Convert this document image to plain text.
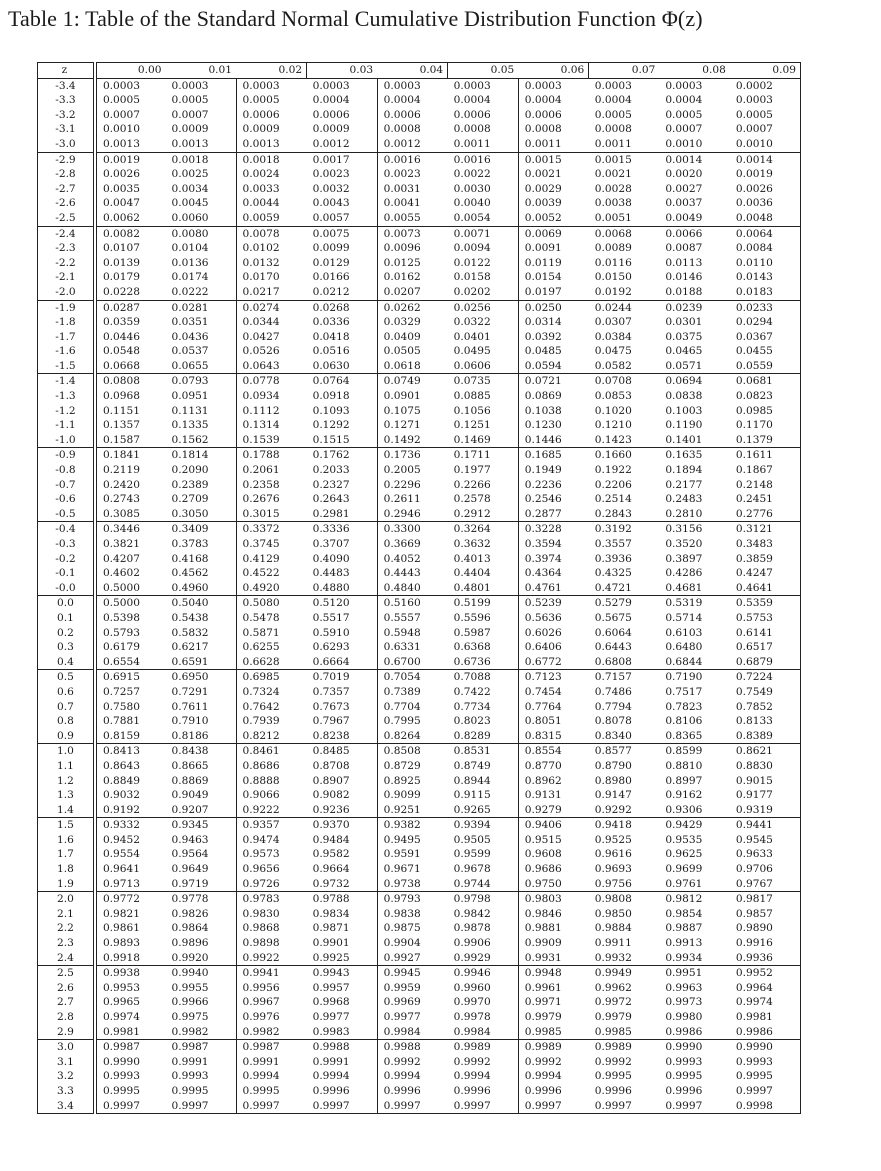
Table 1: Table of the Standard Normal Cumulative Distribution Function Φ(z)
z	0.00	0.01	0.02	0.03	0.04	0.05	0.06	0.07	0.08	0.09
-3.4	0.0003	0.0003	0.0003	0.0003	0.0003	0.0003	0.0003	0.0003	0.0003	0.0002
-3.3	0.0005	0.0005	0.0005	0.0004	0.0004	0.0004	0.0004	0.0004	0.0004	0.0003
-3.2	0.0007	0.0007	0.0006	0.0006	0.0006	0.0006	0.0006	0.0005	0.0005	0.0005
-3.1	0.0010	0.0009	0.0009	0.0009	0.0008	0.0008	0.0008	0.0008	0.0007	0.0007
-3.0	0.0013	0.0013	0.0013	0.0012	0.0012	0.0011	0.0011	0.0011	0.0010	0.0010
-2.9	0.0019	0.0018	0.0018	0.0017	0.0016	0.0016	0.0015	0.0015	0.0014	0.0014
-2.8	0.0026	0.0025	0.0024	0.0023	0.0023	0.0022	0.0021	0.0021	0.0020	0.0019
-2.7	0.0035	0.0034	0.0033	0.0032	0.0031	0.0030	0.0029	0.0028	0.0027	0.0026
-2.6	0.0047	0.0045	0.0044	0.0043	0.0041	0.0040	0.0039	0.0038	0.0037	0.0036
-2.5	0.0062	0.0060	0.0059	0.0057	0.0055	0.0054	0.0052	0.0051	0.0049	0.0048
-2.4	0.0082	0.0080	0.0078	0.0075	0.0073	0.0071	0.0069	0.0068	0.0066	0.0064
-2.3	0.0107	0.0104	0.0102	0.0099	0.0096	0.0094	0.0091	0.0089	0.0087	0.0084
-2.2	0.0139	0.0136	0.0132	0.0129	0.0125	0.0122	0.0119	0.0116	0.0113	0.0110
-2.1	0.0179	0.0174	0.0170	0.0166	0.0162	0.0158	0.0154	0.0150	0.0146	0.0143
-2.0	0.0228	0.0222	0.0217	0.0212	0.0207	0.0202	0.0197	0.0192	0.0188	0.0183
-1.9	0.0287	0.0281	0.0274	0.0268	0.0262	0.0256	0.0250	0.0244	0.0239	0.0233
-1.8	0.0359	0.0351	0.0344	0.0336	0.0329	0.0322	0.0314	0.0307	0.0301	0.0294
-1.7	0.0446	0.0436	0.0427	0.0418	0.0409	0.0401	0.0392	0.0384	0.0375	0.0367
-1.6	0.0548	0.0537	0.0526	0.0516	0.0505	0.0495	0.0485	0.0475	0.0465	0.0455
-1.5	0.0668	0.0655	0.0643	0.0630	0.0618	0.0606	0.0594	0.0582	0.0571	0.0559
-1.4	0.0808	0.0793	0.0778	0.0764	0.0749	0.0735	0.0721	0.0708	0.0694	0.0681
-1.3	0.0968	0.0951	0.0934	0.0918	0.0901	0.0885	0.0869	0.0853	0.0838	0.0823
-1.2	0.1151	0.1131	0.1112	0.1093	0.1075	0.1056	0.1038	0.1020	0.1003	0.0985
-1.1	0.1357	0.1335	0.1314	0.1292	0.1271	0.1251	0.1230	0.1210	0.1190	0.1170
-1.0	0.1587	0.1562	0.1539	0.1515	0.1492	0.1469	0.1446	0.1423	0.1401	0.1379
-0.9	0.1841	0.1814	0.1788	0.1762	0.1736	0.1711	0.1685	0.1660	0.1635	0.1611
-0.8	0.2119	0.2090	0.2061	0.2033	0.2005	0.1977	0.1949	0.1922	0.1894	0.1867
-0.7	0.2420	0.2389	0.2358	0.2327	0.2296	0.2266	0.2236	0.2206	0.2177	0.2148
-0.6	0.2743	0.2709	0.2676	0.2643	0.2611	0.2578	0.2546	0.2514	0.2483	0.2451
-0.5	0.3085	0.3050	0.3015	0.2981	0.2946	0.2912	0.2877	0.2843	0.2810	0.2776
-0.4	0.3446	0.3409	0.3372	0.3336	0.3300	0.3264	0.3228	0.3192	0.3156	0.3121
-0.3	0.3821	0.3783	0.3745	0.3707	0.3669	0.3632	0.3594	0.3557	0.3520	0.3483
-0.2	0.4207	0.4168	0.4129	0.4090	0.4052	0.4013	0.3974	0.3936	0.3897	0.3859
-0.1	0.4602	0.4562	0.4522	0.4483	0.4443	0.4404	0.4364	0.4325	0.4286	0.4247
-0.0	0.5000	0.4960	0.4920	0.4880	0.4840	0.4801	0.4761	0.4721	0.4681	0.4641
0.0	0.5000	0.5040	0.5080	0.5120	0.5160	0.5199	0.5239	0.5279	0.5319	0.5359
0.1	0.5398	0.5438	0.5478	0.5517	0.5557	0.5596	0.5636	0.5675	0.5714	0.5753
0.2	0.5793	0.5832	0.5871	0.5910	0.5948	0.5987	0.6026	0.6064	0.6103	0.6141
0.3	0.6179	0.6217	0.6255	0.6293	0.6331	0.6368	0.6406	0.6443	0.6480	0.6517
0.4	0.6554	0.6591	0.6628	0.6664	0.6700	0.6736	0.6772	0.6808	0.6844	0.6879
0.5	0.6915	0.6950	0.6985	0.7019	0.7054	0.7088	0.7123	0.7157	0.7190	0.7224
0.6	0.7257	0.7291	0.7324	0.7357	0.7389	0.7422	0.7454	0.7486	0.7517	0.7549
0.7	0.7580	0.7611	0.7642	0.7673	0.7704	0.7734	0.7764	0.7794	0.7823	0.7852
0.8	0.7881	0.7910	0.7939	0.7967	0.7995	0.8023	0.8051	0.8078	0.8106	0.8133
0.9	0.8159	0.8186	0.8212	0.8238	0.8264	0.8289	0.8315	0.8340	0.8365	0.8389
1.0	0.8413	0.8438	0.8461	0.8485	0.8508	0.8531	0.8554	0.8577	0.8599	0.8621
1.1	0.8643	0.8665	0.8686	0.8708	0.8729	0.8749	0.8770	0.8790	0.8810	0.8830
1.2	0.8849	0.8869	0.8888	0.8907	0.8925	0.8944	0.8962	0.8980	0.8997	0.9015
1.3	0.9032	0.9049	0.9066	0.9082	0.9099	0.9115	0.9131	0.9147	0.9162	0.9177
1.4	0.9192	0.9207	0.9222	0.9236	0.9251	0.9265	0.9279	0.9292	0.9306	0.9319
1.5	0.9332	0.9345	0.9357	0.9370	0.9382	0.9394	0.9406	0.9418	0.9429	0.9441
1.6	0.9452	0.9463	0.9474	0.9484	0.9495	0.9505	0.9515	0.9525	0.9535	0.9545
1.7	0.9554	0.9564	0.9573	0.9582	0.9591	0.9599	0.9608	0.9616	0.9625	0.9633
1.8	0.9641	0.9649	0.9656	0.9664	0.9671	0.9678	0.9686	0.9693	0.9699	0.9706
1.9	0.9713	0.9719	0.9726	0.9732	0.9738	0.9744	0.9750	0.9756	0.9761	0.9767
2.0	0.9772	0.9778	0.9783	0.9788	0.9793	0.9798	0.9803	0.9808	0.9812	0.9817
2.1	0.9821	0.9826	0.9830	0.9834	0.9838	0.9842	0.9846	0.9850	0.9854	0.9857
2.2	0.9861	0.9864	0.9868	0.9871	0.9875	0.9878	0.9881	0.9884	0.9887	0.9890
2.3	0.9893	0.9896	0.9898	0.9901	0.9904	0.9906	0.9909	0.9911	0.9913	0.9916
2.4	0.9918	0.9920	0.9922	0.9925	0.9927	0.9929	0.9931	0.9932	0.9934	0.9936
2.5	0.9938	0.9940	0.9941	0.9943	0.9945	0.9946	0.9948	0.9949	0.9951	0.9952
2.6	0.9953	0.9955	0.9956	0.9957	0.9959	0.9960	0.9961	0.9962	0.9963	0.9964
2.7	0.9965	0.9966	0.9967	0.9968	0.9969	0.9970	0.9971	0.9972	0.9973	0.9974
2.8	0.9974	0.9975	0.9976	0.9977	0.9977	0.9978	0.9979	0.9979	0.9980	0.9981
2.9	0.9981	0.9982	0.9982	0.9983	0.9984	0.9984	0.9985	0.9985	0.9986	0.9986
3.0	0.9987	0.9987	0.9987	0.9988	0.9988	0.9989	0.9989	0.9989	0.9990	0.9990
3.1	0.9990	0.9991	0.9991	0.9991	0.9992	0.9992	0.9992	0.9992	0.9993	0.9993
3.2	0.9993	0.9993	0.9994	0.9994	0.9994	0.9994	0.9994	0.9995	0.9995	0.9995
3.3	0.9995	0.9995	0.9995	0.9996	0.9996	0.9996	0.9996	0.9996	0.9996	0.9997
3.4	0.9997	0.9997	0.9997	0.9997	0.9997	0.9997	0.9997	0.9997	0.9997	0.9998
